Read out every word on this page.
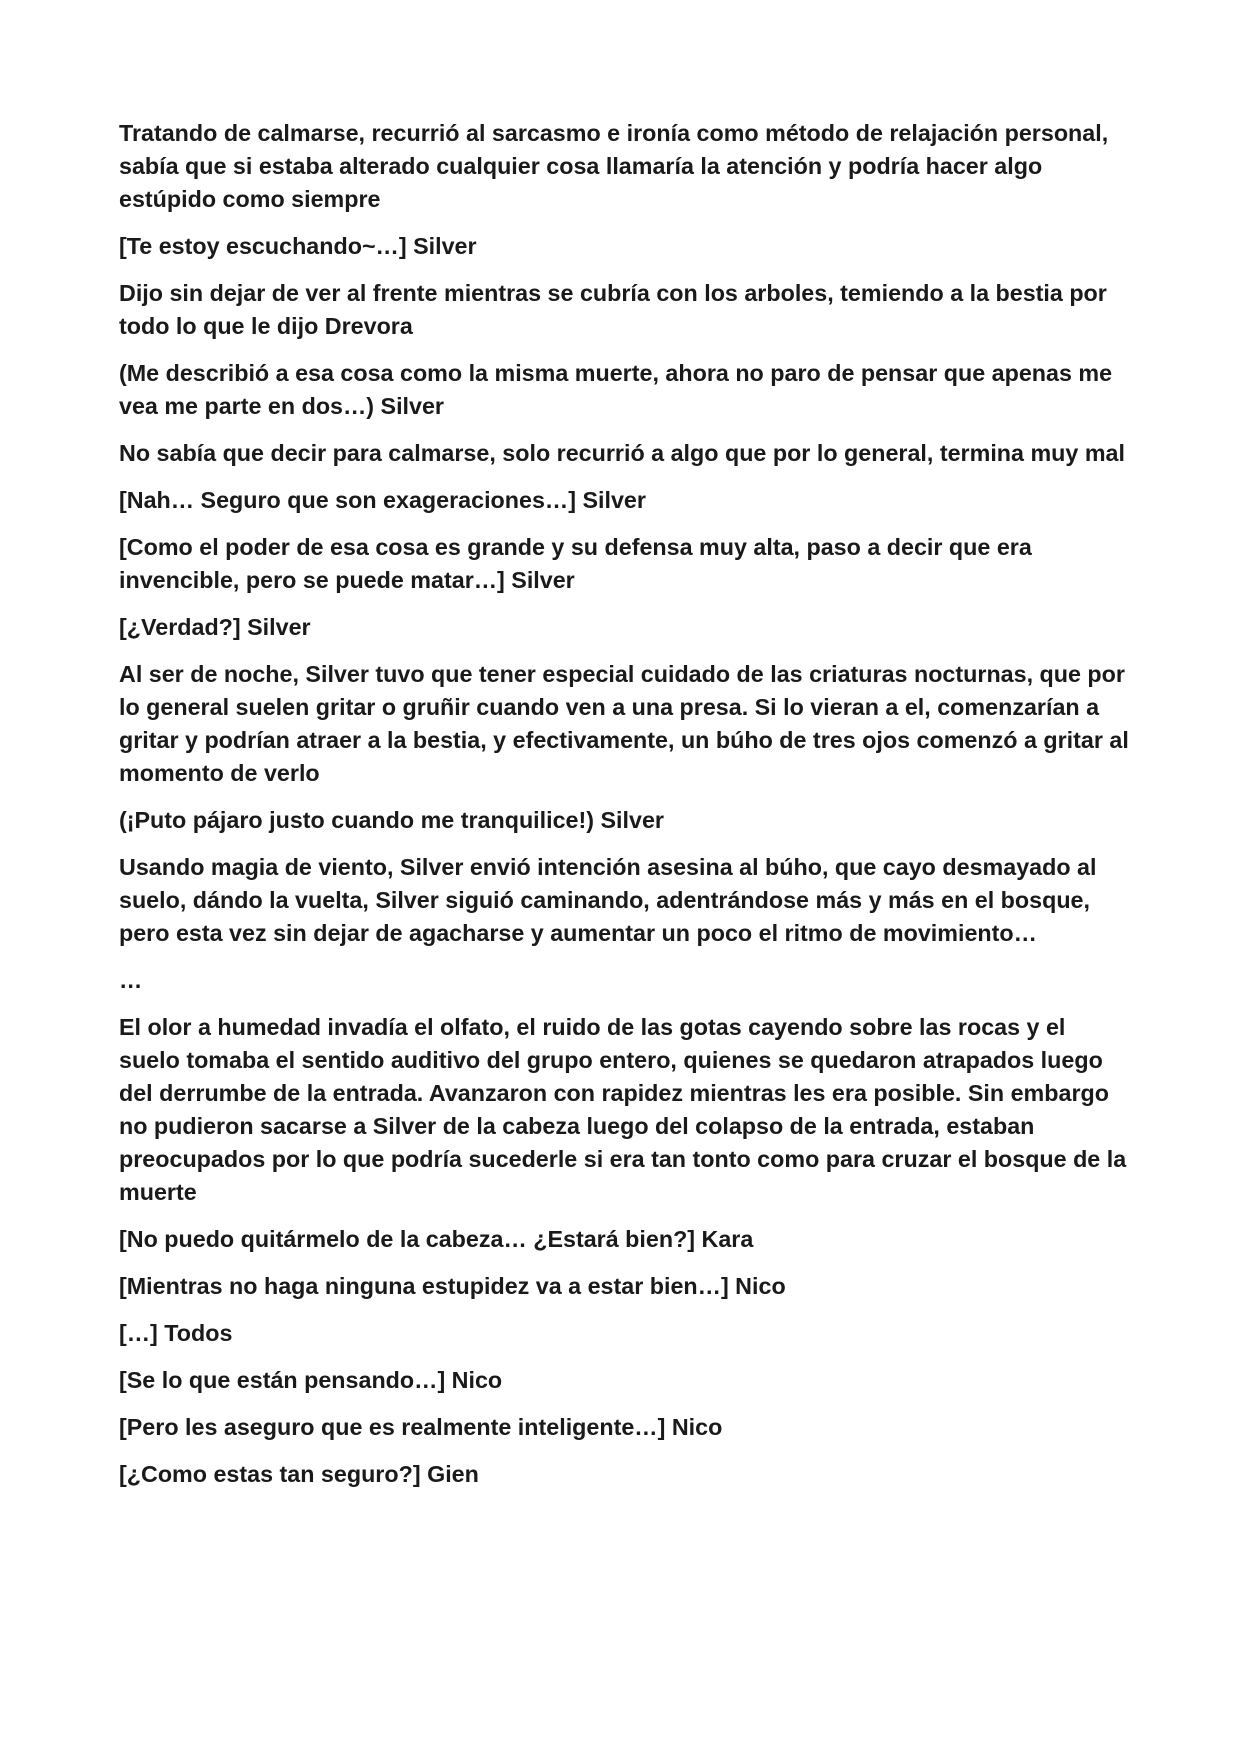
Tratando de calmarse, recurrió al sarcasmo e ironía como método de relajación personal, sabía que si estaba alterado cualquier cosa llamaría la atención y podría hacer algo estúpido como siempre

[Te estoy escuchando~…] Silver

Dijo sin dejar de ver al frente mientras se cubría con los arboles, temiendo a la bestia por todo lo que le dijo Drevora

(Me describió a esa cosa como la misma muerte, ahora no paro de pensar que apenas me vea me parte en dos…) Silver

No sabía que decir para calmarse, solo recurrió a algo que por lo general, termina muy mal

[Nah… Seguro que son exageraciones…] Silver

[Como el poder de esa cosa es grande y su defensa muy alta, paso a decir que era invencible, pero se puede matar…] Silver

[¿Verdad?] Silver

Al ser de noche, Silver tuvo que tener especial cuidado de las criaturas nocturnas, que por lo general suelen gritar o gruñir cuando ven a una presa. Si lo vieran a el, comenzarían a gritar y podrían atraer a la bestia, y efectivamente, un búho de tres ojos comenzó a gritar al momento de verlo

(¡Puto pájaro justo cuando me tranquilice!) Silver

Usando magia de viento, Silver envió intención asesina al búho, que cayo desmayado al suelo, dándo la vuelta, Silver siguió caminando, adentrándose más y más en el bosque, pero esta vez sin dejar de agacharse y aumentar un poco el ritmo de movimiento…

…

El olor a humedad invadía el olfato, el ruido de las gotas cayendo sobre las rocas y el suelo tomaba el sentido auditivo del grupo entero, quienes se quedaron atrapados luego del derrumbe de la entrada. Avanzaron con rapidez mientras les era posible. Sin embargo no pudieron sacarse a Silver de la cabeza luego del colapso de la entrada, estaban preocupados por lo que podría sucederle si era tan tonto como para cruzar el bosque de la muerte

[No puedo quitármelo de la cabeza… ¿Estará bien?] Kara

[Mientras no haga ninguna estupidez va a estar bien…] Nico

[…] Todos

[Se lo que están pensando…] Nico

[Pero les aseguro que es realmente inteligente…] Nico

[¿Como estas tan seguro?] Gien
